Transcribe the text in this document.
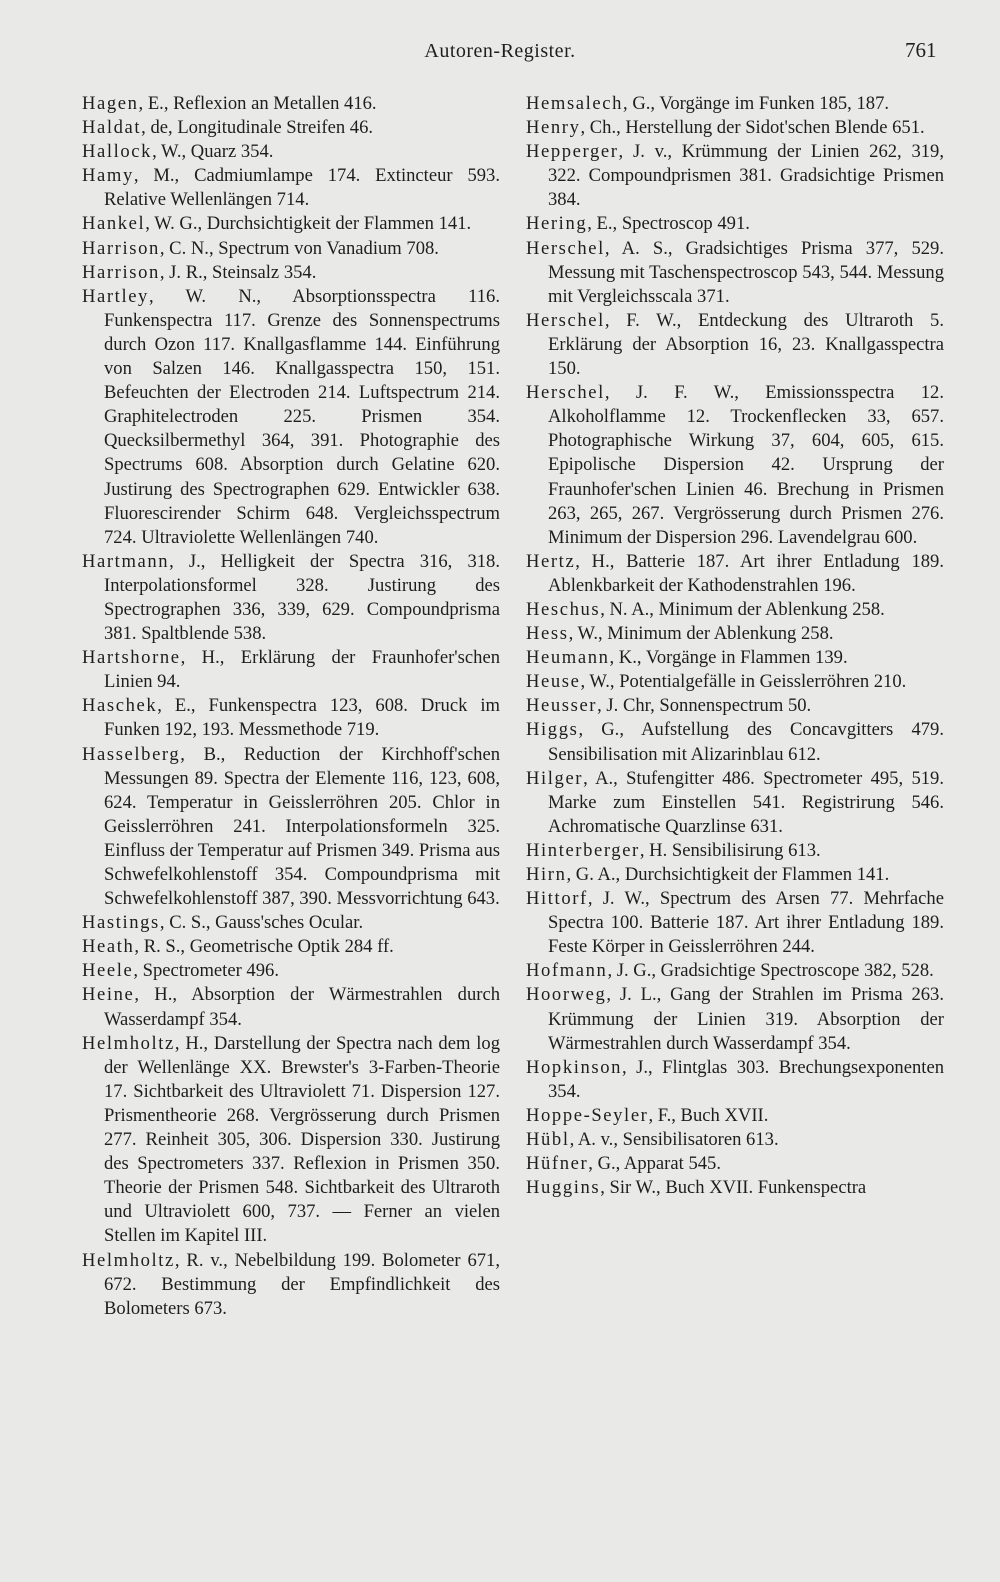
Autoren-Register.	761

Hagen, E., Reflexion an Metallen 416.

Haldat, de, Longitudinale Streifen 46.

Hallock, W., Quarz 354.

Hamy, M., Cadmiumlampe 174. Extincteur 593. Relative Wellenlängen 714.

Hankel, W. G., Durchsichtigkeit der Flammen 141.

Harrison, C. N., Spectrum von Vanadium 708.

Harrison, J. R., Steinsalz 354.

Hartley, W. N., Absorptionsspectra 116. Funkenspectra 117. Grenze des Sonnenspectrums durch Ozon 117. Knallgasflamme 144. Einführung von Salzen 146. Knallgasspectra 150, 151. Befeuchten der Electroden 214. Luftspectrum 214. Graphitelectroden 225. Prismen 354. Quecksilbermethyl 364, 391. Photographie des Spectrums 608. Absorption durch Gelatine 620. Justirung des Spectrographen 629. Entwickler 638. Fluorescirender Schirm 648. Vergleichsspectrum 724. Ultraviolette Wellenlängen 740.

Hartmann, J., Helligkeit der Spectra 316, 318. Interpolationsformel 328. Justirung des Spectrographen 336, 339, 629. Compoundprisma 381. Spaltblende 538.

Hartshorne, H., Erklärung der Fraunhofer'schen Linien 94.

Haschek, E., Funkenspectra 123, 608. Druck im Funken 192, 193. Messmethode 719.

Hasselberg, B., Reduction der Kirchhoff'schen Messungen 89. Spectra der Elemente 116, 123, 608, 624. Temperatur in Geisslerröhren 205. Chlor in Geisslerröhren 241. Interpolationsformeln 325. Einfluss der Temperatur auf Prismen 349. Prisma aus Schwefelkohlenstoff 354. Compoundprisma mit Schwefelkohlenstoff 387, 390. Messvorrichtung 643.

Hastings, C. S., Gauss'sches Ocular.

Heath, R. S., Geometrische Optik 284 ff.

Heele, Spectrometer 496.

Heine, H., Absorption der Wärmestrahlen durch Wasserdampf 354.

Helmholtz, H., Darstellung der Spectra nach dem log der Wellenlänge XX. Brewster's 3-Farben-Theorie 17. Sichtbarkeit des Ultraviolett 71. Dispersion 127. Prismentheorie 268. Vergrösserung durch Prismen 277. Reinheit 305, 306. Dispersion 330. Justirung des Spectrometers 337. Reflexion in Prismen 350. Theorie der Prismen 548. Sichtbarkeit des Ultraroth und Ultraviolett 600, 737. — Ferner an vielen Stellen im Kapitel III.

Helmholtz, R. v., Nebelbildung 199. Bolometer 671, 672. Bestimmung der Empfindlichkeit des Bolometers 673.

Hemsalech, G., Vorgänge im Funken 185, 187.

Henry, Ch., Herstellung der Sidot'schen Blende 651.

Hepperger, J. v., Krümmung der Linien 262, 319, 322. Compoundprismen 381. Gradsichtige Prismen 384.

Hering, E., Spectroscop 491.

Herschel, A. S., Gradsichtiges Prisma 377, 529. Messung mit Taschenspectroscop 543, 544. Messung mit Vergleichsscala 371.

Herschel, F. W., Entdeckung des Ultraroth 5. Erklärung der Absorption 16, 23. Knallgasspectra 150.

Herschel, J. F. W., Emissionsspectra 12. Alkoholflamme 12. Trockenflecken 33, 657. Photographische Wirkung 37, 604, 605, 615. Epipolische Dispersion 42. Ursprung der Fraunhofer'schen Linien 46. Brechung in Prismen 263, 265, 267. Vergrösserung durch Prismen 276. Minimum der Dispersion 296. Lavendelgrau 600.

Hertz, H., Batterie 187. Art ihrer Entladung 189. Ablenkbarkeit der Kathodenstrahlen 196.

Heschus, N. A., Minimum der Ablenkung 258.

Hess, W., Minimum der Ablenkung 258.

Heumann, K., Vorgänge in Flammen 139.

Heuse, W., Potentialgefälle in Geisslerröhren 210.

Heusser, J. Chr, Sonnenspectrum 50.

Higgs, G., Aufstellung des Concavgitters 479. Sensibilisation mit Alizarinblau 612.

Hilger, A., Stufengitter 486. Spectrometer 495, 519. Marke zum Einstellen 541. Registrirung 546. Achromatische Quarzlinse 631.

Hinterberger, H. Sensibilisirung 613.

Hirn, G. A., Durchsichtigkeit der Flammen 141.

Hittorf, J. W., Spectrum des Arsen 77. Mehrfache Spectra 100. Batterie 187. Art ihrer Entladung 189. Feste Körper in Geisslerröhren 244.

Hofmann, J. G., Gradsichtige Spectroscope 382, 528.

Hoorweg, J. L., Gang der Strahlen im Prisma 263. Krümmung der Linien 319. Absorption der Wärmestrahlen durch Wasserdampf 354.

Hopkinson, J., Flintglas 303. Brechungsexponenten 354.

Hoppe-Seyler, F., Buch XVII.

Hübl, A. v., Sensibilisatoren 613.

Hüfner, G., Apparat 545.

Huggins, Sir W., Buch XVII. Funkenspectra
